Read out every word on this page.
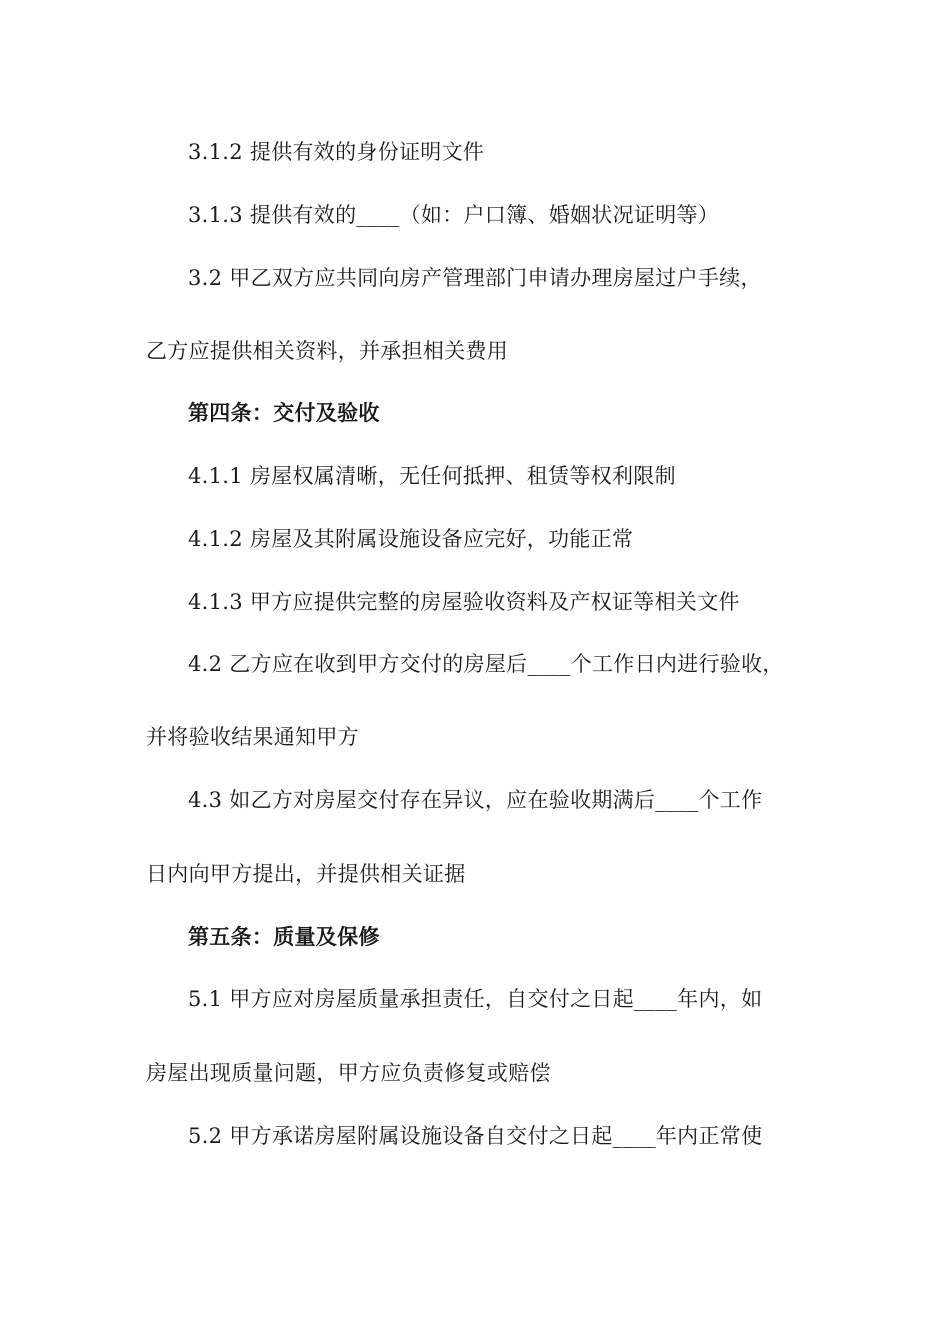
3.1.2 提供有效的身份证明文件
3.1.3 提供有效的____（如：户口簿、婚姻状况证明等）
3.2 甲乙双方应共同向房产管理部门申请办理房屋过户手续，
乙方应提供相关资料，并承担相关费用
第四条：交付及验收
4.1.1 房屋权属清晰，无任何抵押、租赁等权利限制
4.1.2 房屋及其附属设施设备应完好，功能正常
4.1.3 甲方应提供完整的房屋验收资料及产权证等相关文件
4.2 乙方应在收到甲方交付的房屋后____个工作日内进行验收，
并将验收结果通知甲方
4.3 如乙方对房屋交付存在异议，应在验收期满后____个工作
日内向甲方提出，并提供相关证据
第五条：质量及保修
5.1 甲方应对房屋质量承担责任，自交付之日起____年内，如
房屋出现质量问题，甲方应负责修复或赔偿
5.2 甲方承诺房屋附属设施设备自交付之日起____年内正常使
